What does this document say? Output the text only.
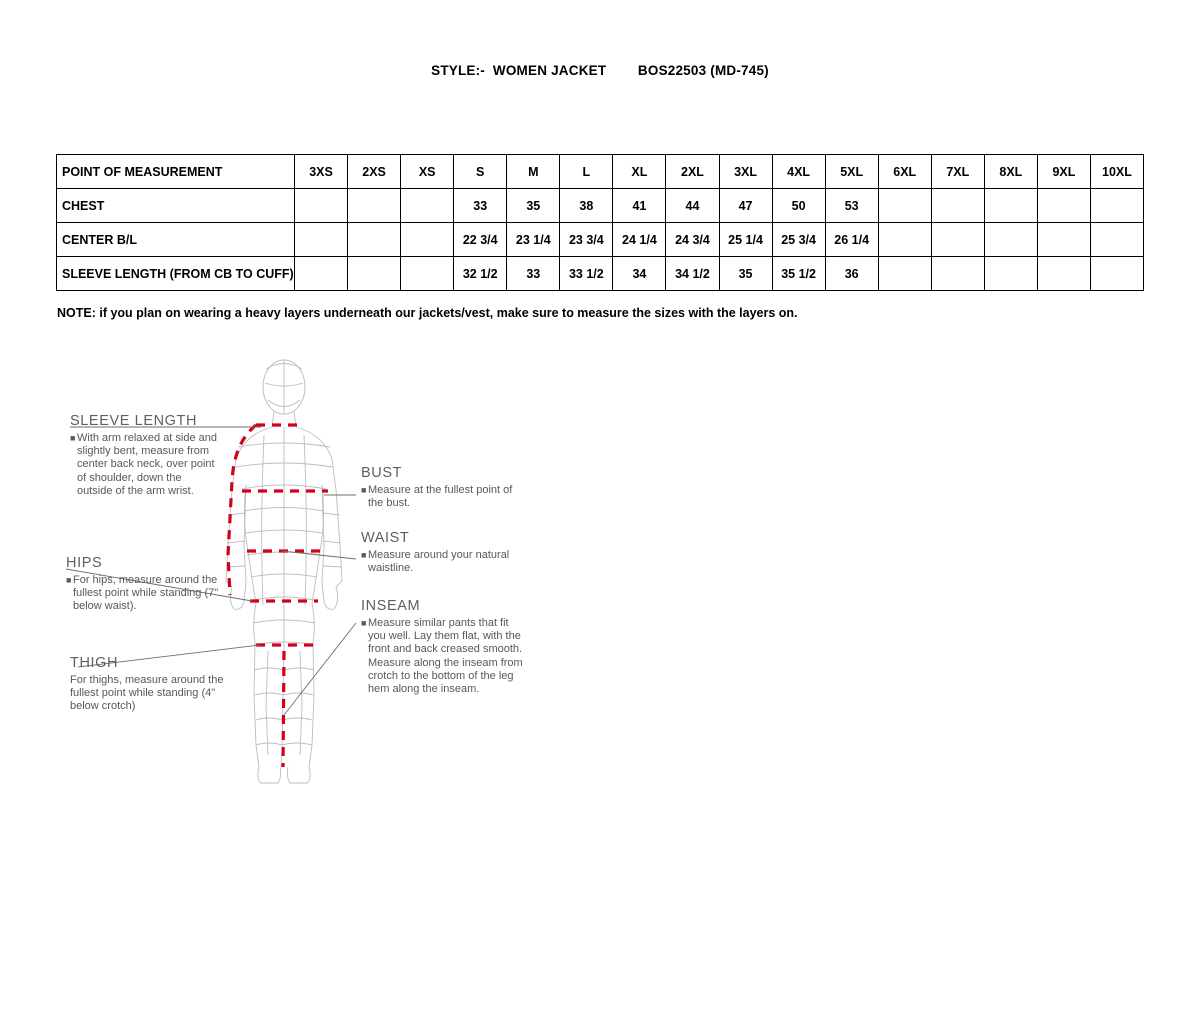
STYLE:-  WOMEN JACKET        BOS22503 (MD-745)
POINT OF MEASUREMENT	3XS	2XS	XS	S	M	L	XL	2XL	3XL	4XL	5XL	6XL	7XL	8XL	9XL	10XL
CHEST				33	35	38	41	44	47	50	53					
CENTER B/L				22 3/4	23 1/4	23 3/4	24 1/4	24 3/4	25 1/4	25 3/4	26 1/4					
SLEEVE LENGTH (FROM CB TO CUFF)				32 1/2	33	33 1/2	34	34 1/2	35	35 1/2	36					
NOTE: if you plan on wearing a heavy layers underneath our jackets/vest, make sure to measure the sizes with the layers on.
SLEEVE LENGTH
■ With arm relaxed at side and slightly bent, measure from center back neck, over point of shoulder, down the outside of the arm wrist.
HIPS
■ For hips, measure around the fullest point while standing (7" below waist).
THIGH
For thighs, measure around the fullest point while standing (4" below crotch)
BUST
■ Measure at the fullest point of the bust.
WAIST
■ Measure around your natural waistline.
INSEAM
■ Measure similar pants that fit you well. Lay them flat, with the front and back creased smooth. Measure along the inseam from crotch to the bottom of the leg hem along the inseam.
